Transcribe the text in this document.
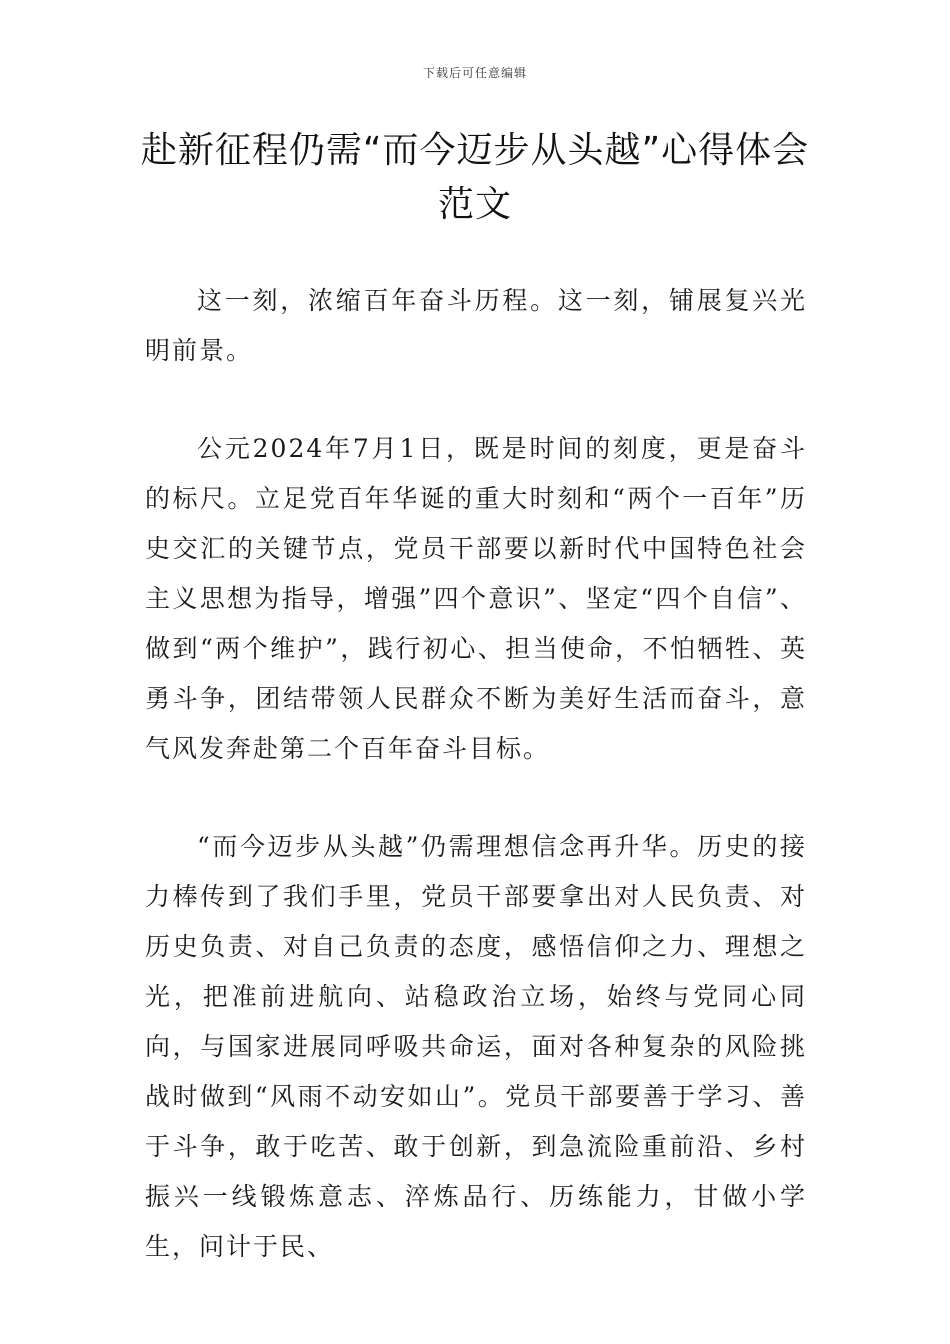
下载后可任意编辑
赴新征程仍需“而今迈步从头越”心得体会范文

这一刻，浓缩百年奋斗历程。这一刻，铺展复兴光明前景。

公元2024年7月1日，既是时间的刻度，更是奋斗的标尺。立足党百年华诞的重大时刻和“两个一百年”历史交汇的关键节点，党员干部要以新时代中国特色社会主义思想为指导，增强”四个意识”、坚定“四个自信”、做到“两个维护”，践行初心、担当使命，不怕牺牲、英勇斗争，团结带领人民群众不断为美好生活而奋斗，意气风发奔赴第二个百年奋斗目标。

“而今迈步从头越”仍需理想信念再升华。历史的接力棒传到了我们手里，党员干部要拿出对人民负责、对历史负责、对自己负责的态度，感悟信仰之力、理想之光，把准前进航向、站稳政治立场，始终与党同心同向，与国家进展同呼吸共命运，面对各种复杂的风险挑战时做到“风雨不动安如山”。党员干部要善于学习、善于斗争，敢于吃苦、敢于创新，到急流险重前沿、乡村振兴一线锻炼意志、淬炼品行、历练能力，甘做小学生，问计于民、
